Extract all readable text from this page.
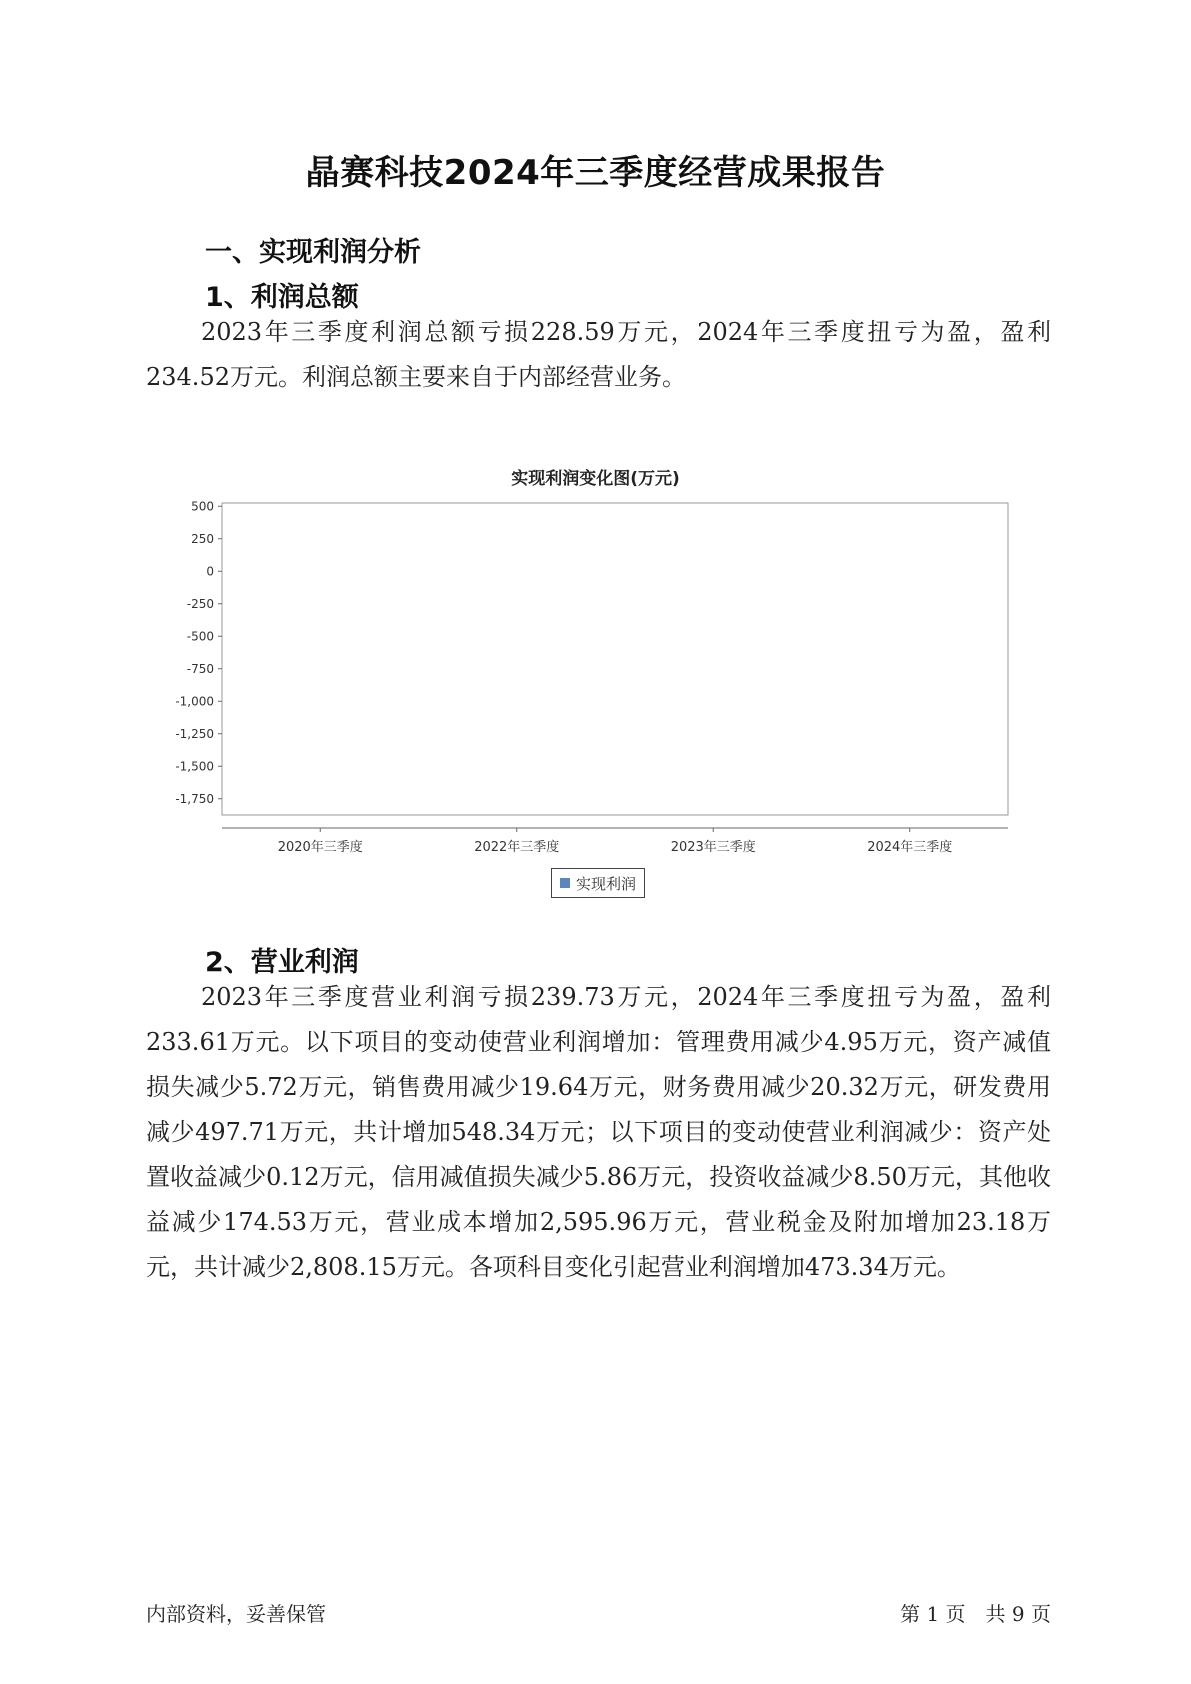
晶赛科技2024年三季度经营成果报告
一、实现利润分析
1、利润总额

2023年三季度利润总额亏损228.59万元，2024年三季度扭亏为盈，盈利234.52万元。利润总额主要来自于内部经营业务。

实现利润变化图(万元)
500
250
0
-250
-500
-750
-1,000
-1,250
-1,500
-1,750
2020年三季度	2022年三季度	2023年三季度	2024年三季度
实现利润
2、营业利润

2023年三季度营业利润亏损239.73万元，2024年三季度扭亏为盈，盈利233.61万元。以下项目的变动使营业利润增加：管理费用减少4.95万元，资产减值损失减少5.72万元，销售费用减少19.64万元，财务费用减少20.32万元，研发费用减少497.71万元，共计增加548.34万元；以下项目的变动使营业利润减少：资产处置收益减少0.12万元，信用减值损失减少5.86万元，投资收益减少8.50万元，其他收益减少174.53万元，营业成本增加2,595.96万元，营业税金及附加增加23.18万元，共计减少2,808.15万元。各项科目变化引起营业利润增加473.34万元。

内部资料，妥善保管	第 1 页　共 9 页
